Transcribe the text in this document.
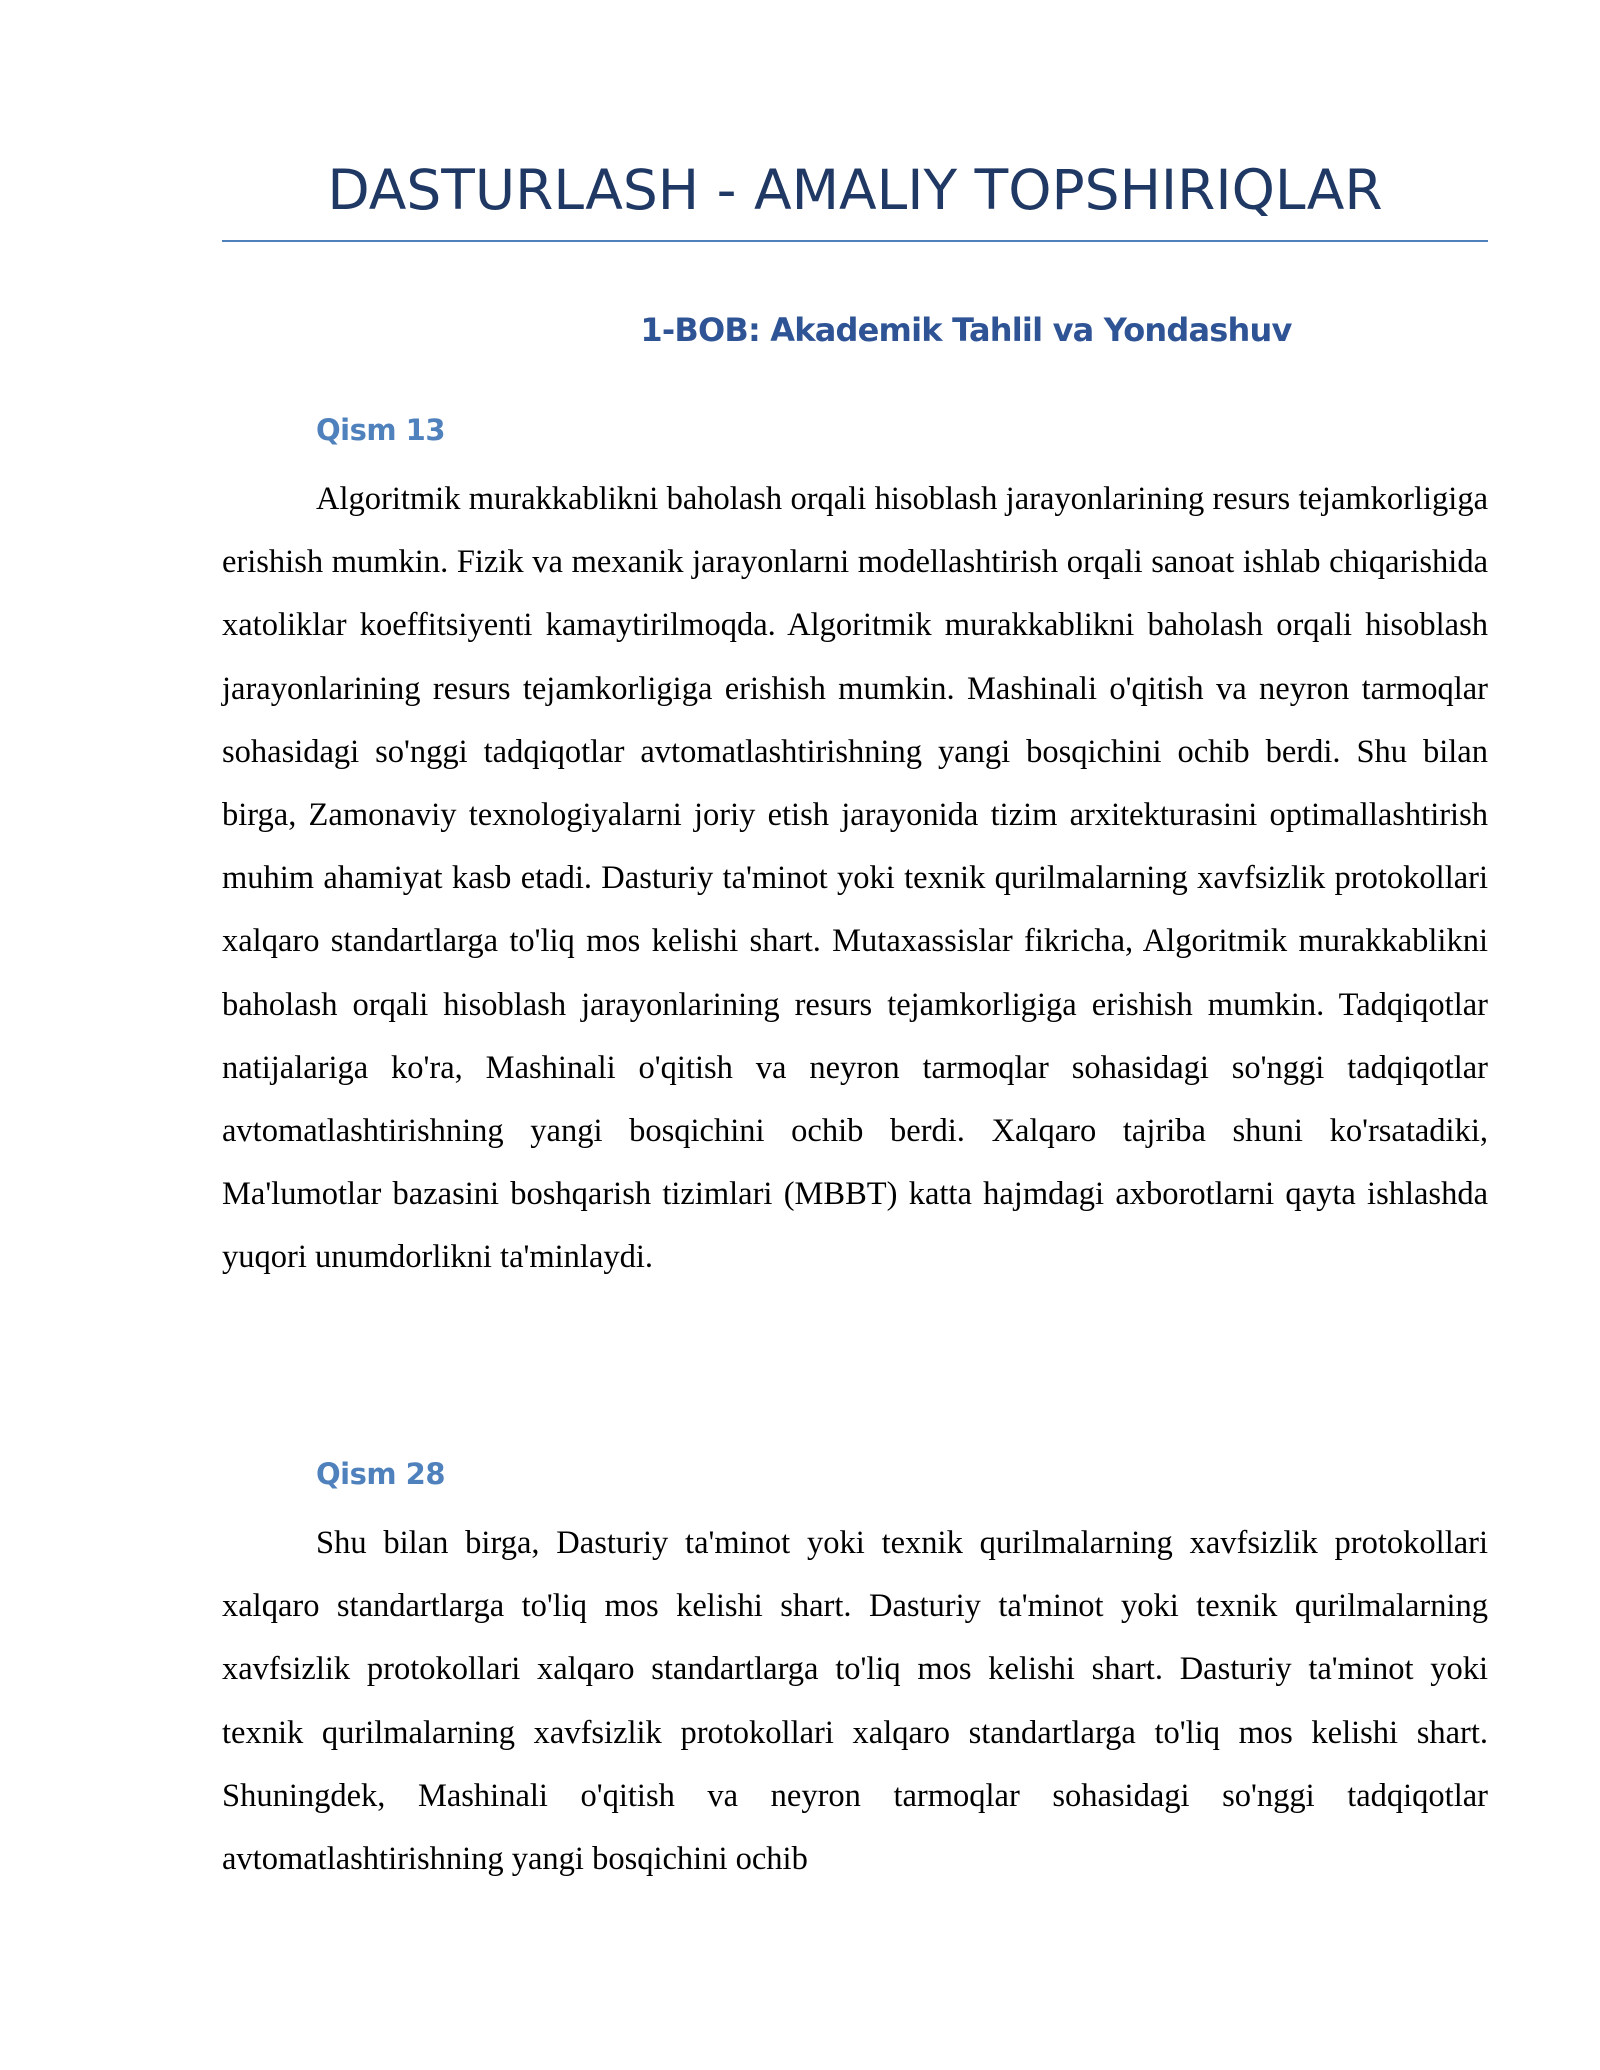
DASTURLASH - AMALIY TOPSHIRIQLAR
1-BOB: Akademik Tahlil va Yondashuv
Qism 13

Algoritmik murakkablikni baholash orqali hisoblash jarayonlarining resurs tejamkorligiga erishish mumkin. Fizik va mexanik jarayonlarni modellashtirish orqali sanoat ishlab chiqarishida xatoliklar koeffitsiyenti kamaytirilmoqda. Algoritmik murakkablikni baholash orqali hisoblash jarayonlarining resurs tejamkorligiga erishish mumkin. Mashinali o'qitish va neyron tarmoqlar sohasidagi so'nggi tadqiqotlar avtomatlashtirishning yangi bosqichini ochib berdi. Shu bilan birga, Zamonaviy texnologiyalarni joriy etish jarayonida tizim arxitekturasini optimallashtirish muhim ahamiyat kasb etadi. Dasturiy ta'minot yoki texnik qurilmalarning xavfsizlik protokollari xalqaro standartlarga to'liq mos kelishi shart. Mutaxassislar fikricha, Algoritmik murakkablikni baholash orqali hisoblash jarayonlarining resurs tejamkorligiga erishish mumkin. Tadqiqotlar natijalariga ko'ra, Mashinali o'qitish va neyron tarmoqlar sohasidagi so'nggi tadqiqotlar avtomatlashtirishning yangi bosqichini ochib berdi. Xalqaro tajriba shuni ko'rsatadiki, Ma'lumotlar bazasini boshqarish tizimlari (MBBT) katta hajmdagi axborotlarni qayta ishlashda yuqori unumdorlikni ta'minlaydi.

Qism 28

Shu bilan birga, Dasturiy ta'minot yoki texnik qurilmalarning xavfsizlik protokollari xalqaro standartlarga to'liq mos kelishi shart. Dasturiy ta'minot yoki texnik qurilmalarning xavfsizlik protokollari xalqaro standartlarga to'liq mos kelishi shart. Dasturiy ta'minot yoki texnik qurilmalarning xavfsizlik protokollari xalqaro standartlarga to'liq mos kelishi shart. Shuningdek, Mashinali o'qitish va neyron tarmoqlar sohasidagi so'nggi tadqiqotlar avtomatlashtirishning yangi bosqichini ochib
